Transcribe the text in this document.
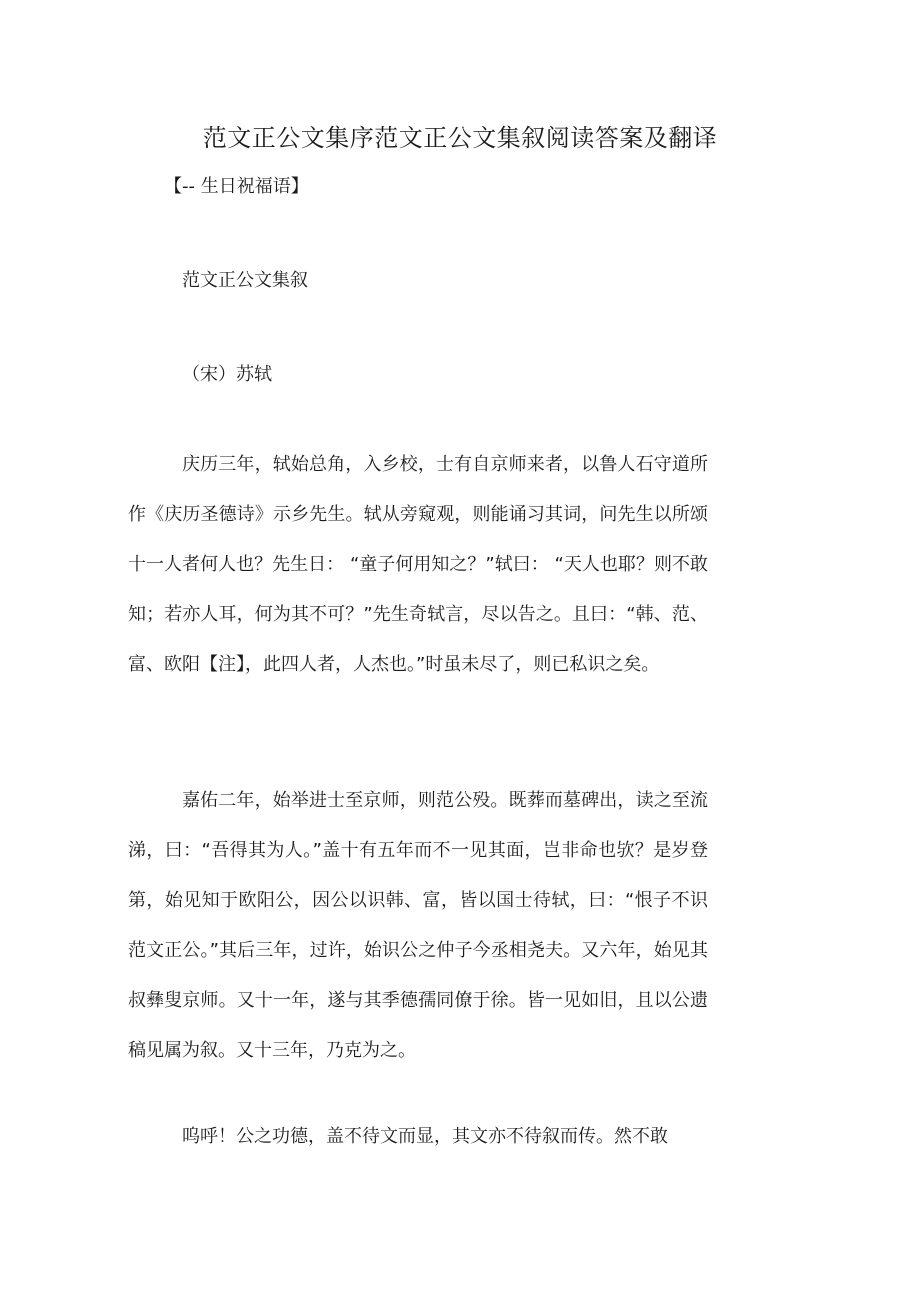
范文正公文集序范文正公文集叙阅读答案及翻译
【-- 生日祝福语】
范文正公文集叙
（宋）苏轼
庆历三年，轼始总角，入乡校，士有自京师来者，以鲁人石守道所作《庆历圣德诗》示乡先生。轼从旁窥观，则能诵习其词，问先生以所颂十一人者何人也？先生日： “童子何用知之？”轼曰： “天人也耶？则不敢知；若亦人耳，何为其不可？”先生奇轼言，尽以告之。且曰：“韩、范、富、欧阳【注】，此四人者，人杰也。”时虽未尽了，则已私识之矣。
嘉佑二年，始举进士至京师，则范公殁。既葬而墓碑出，读之至流涕，曰：“吾得其为人。”盖十有五年而不一见其面，岂非命也欤？是岁登第，始见知于欧阳公，因公以识韩、富，皆以国士待轼，曰：“恨子不识范文正公。”其后三年，过许，始识公之仲子今丞相尧夫。又六年，始见其叔彝叟京师。又十一年，遂与其季德孺同僚于徐。皆一见如旧，且以公遗稿见属为叙。又十三年，乃克为之。
呜呼！公之功德，盖不待文而显，其文亦不待叙而传。然不敢
